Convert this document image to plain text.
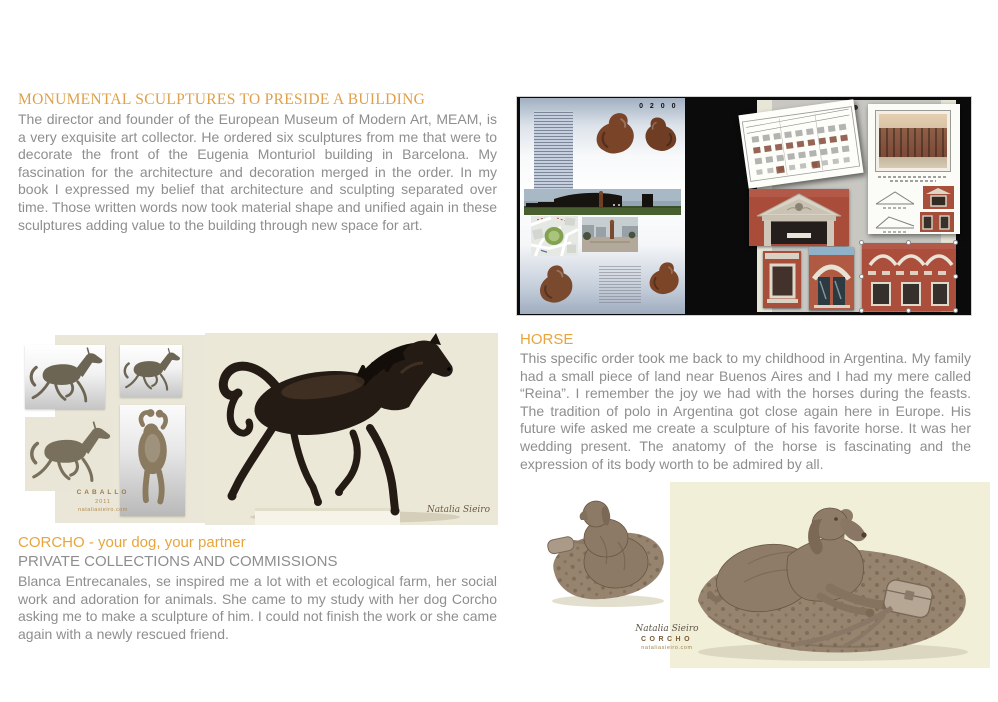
MONUMENTAL SCULPTURES TO PRESIDE A BUILDING
The director and founder of the European Museum of Modern Art, MEAM, is a very exquisite art collector. He ordered six sculptures from me that were to decorate the front of the Eugenia Monturiol building in Barcelona. My fascination for the architecture and decoration merged in the order. In my book I expressed my belief that architecture and sculpting separated over time. Those written words now took material shape and unified again in these sculptures adding value to the building through new space for art.
0 2 0 0
CABALLO
2011
nataliasieiro.com	Natalia Sieiro
HORSE
This specific order took me back to my childhood in Argentina. My family had a small piece of land near Buenos Aires and I had my mere called “Reina”. I remember the joy we had with the horses during the feasts. The tradition of polo in Argentina got close again here in Europe. His future wife asked me create a sculpture of his favorite horse. It was her wedding present. The anatomy of the horse is fascinating and the expression of its body worth to be admired by all.
CORCHO - your dog, your partner
PRIVATE COLLECTIONS AND COMMISSIONS
Blanca Entrecanales, se inspired me a lot with et ecological farm, her social work and adoration for animals. She came to my study with her dog Corcho asking me to make a sculpture of him. I could not finish the work or she came again with a newly rescued friend.	Natalia Sieiro
CORCHO
nataliasieiro.com
